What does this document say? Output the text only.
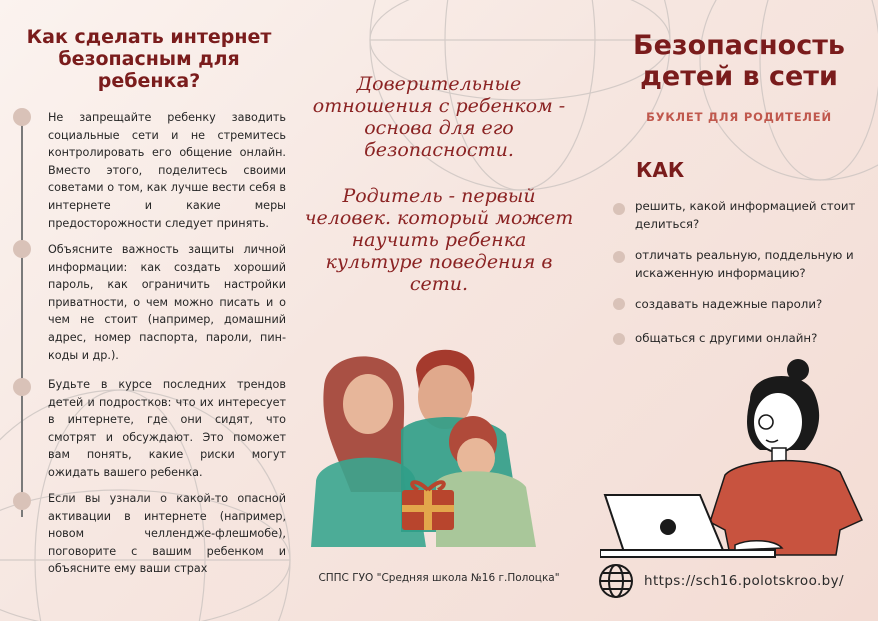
Как сделать интернет безопасным для ребенка?
Не запрещайте ребенку заводить социальные сети и не стремитесь контролировать его общение онлайн. Вместо этого, поделитесь своими советами о том, как лучше вести себя в интернете и какие меры предосторожности следует принять.
Объясните важность защиты личной информации: как создать хороший пароль, как ограничить настройки приватности, о чем можно писать и о чем не стоит (например, домашний адрес, номер паспорта, пароли, пин-коды и др.).
Будьте в курсе последних трендов детей и подростков: что их интересует в интернете, где они сидят, что смотрят и обсуждают. Это поможет вам понять, какие риски могут ожидать вашего ребенка.
Если вы узнали о какой-то опасной активации в интернете (например, новом челлендже-флешмобе), поговорите с вашим ребенком и объясните ему ваши страх
Доверительные отношения с ребенком - основа для его безопасности.
Родитель - первый человек. который может научить ребенка культуре поведения в сети.
СППС ГУО "Средняя школа №16 г.Полоцка"
Безопасность детей в сети
БУКЛЕТ ДЛЯ РОДИТЕЛЕЙ
КАК
решить, какой информацией стоит делиться?
отличать реальную, поддельную и искаженную информацию?
создавать надежные пароли?
общаться с другими онлайн?
https://sch16.polotskroo.by/
